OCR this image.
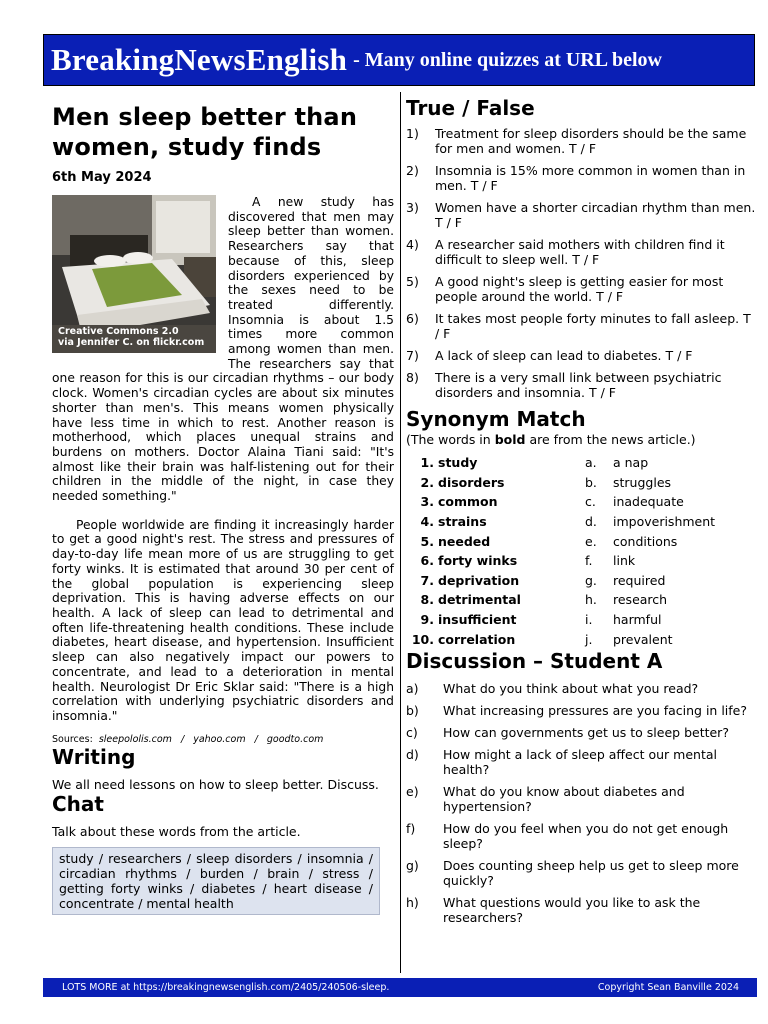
BreakingNewsEnglish - Many online quizzes at URL below
Men sleep better than women, study finds
6th May 2024
Creative Commons 2.0
via Jennifer C. on flickr.com

A new study has discovered that men may sleep better than women. Researchers say that because of this, sleep disorders experienced by the sexes need to be treated differently. Insomnia is about 1.5 times more common among women than men. The researchers say that one reason for this is our circadian rhythms – our body clock. Women's circadian cycles are about six minutes shorter than men's. This means women physically have less time in which to rest. Another reason is motherhood, which places unequal strains and burdens on mothers. Doctor Alaina Tiani said: "It's almost like their brain was half-listening out for their children in the middle of the night, in case they needed something."

People worldwide are finding it increasingly harder to get a good night's rest. The stress and pressures of day-to-day life mean more of us are struggling to get forty winks. It is estimated that around 30 per cent of the global population is experiencing sleep deprivation. This is having adverse effects on our health. A lack of sleep can lead to detrimental and often life-threatening health conditions. These include diabetes, heart disease, and hypertension. Insufficient sleep can also negatively impact our powers to concentrate, and lead to a deterioration in mental health. Neurologist Dr Eric Sklar said: "There is a high correlation with underlying psychiatric disorders and insomnia."

Sources: sleepololis.com / yahoo.com / goodto.com
Writing
We all need lessons on how to sleep better. Discuss.
Chat
Talk about these words from the article.
study / researchers / sleep disorders / insomnia / circadian rhythms / burden / brain / stress / getting forty winks / diabetes / heart disease / concentrate / mental health
True / False
1)	Treatment for sleep disorders should be the same for men and women. T / F
2)	Insomnia is 15% more common in women than in men. T / F
3)	Women have a shorter circadian rhythm than men. T / F
4)	A researcher said mothers with children find it difficult to sleep well. T / F
5)	A good night's sleep is getting easier for most people around the world. T / F
6)	It takes most people forty minutes to fall asleep. T / F
7)	A lack of sleep can lead to diabetes. T / F
8)	There is a very small link between psychiatric disorders and insomnia. T / F
Synonym Match
(The words in bold are from the news article.)
1.	study	a.	a nap
2.	disorders	b.	struggles
3.	common	c.	inadequate
4.	strains	d.	impoverishment
5.	needed	e.	conditions
6.	forty winks	f.	link
7.	deprivation	g.	required
8.	detrimental	h.	research
9.	insufficient	i.	harmful
10.	correlation	j.	prevalent
Discussion – Student A
a)	What do you think about what you read?
b)	What increasing pressures are you facing in life?
c)	How can governments get us to sleep better?
d)	How might a lack of sleep affect our mental health?
e)	What do you know about diabetes and hypertension?
f)	How do you feel when you do not get enough sleep?
g)	Does counting sheep help us get to sleep more quickly?
h)	What questions would you like to ask the researchers?
LOTS MORE at https://breakingnewsenglish.com/2405/240506-sleep.	Copyright Sean Banville 2024
